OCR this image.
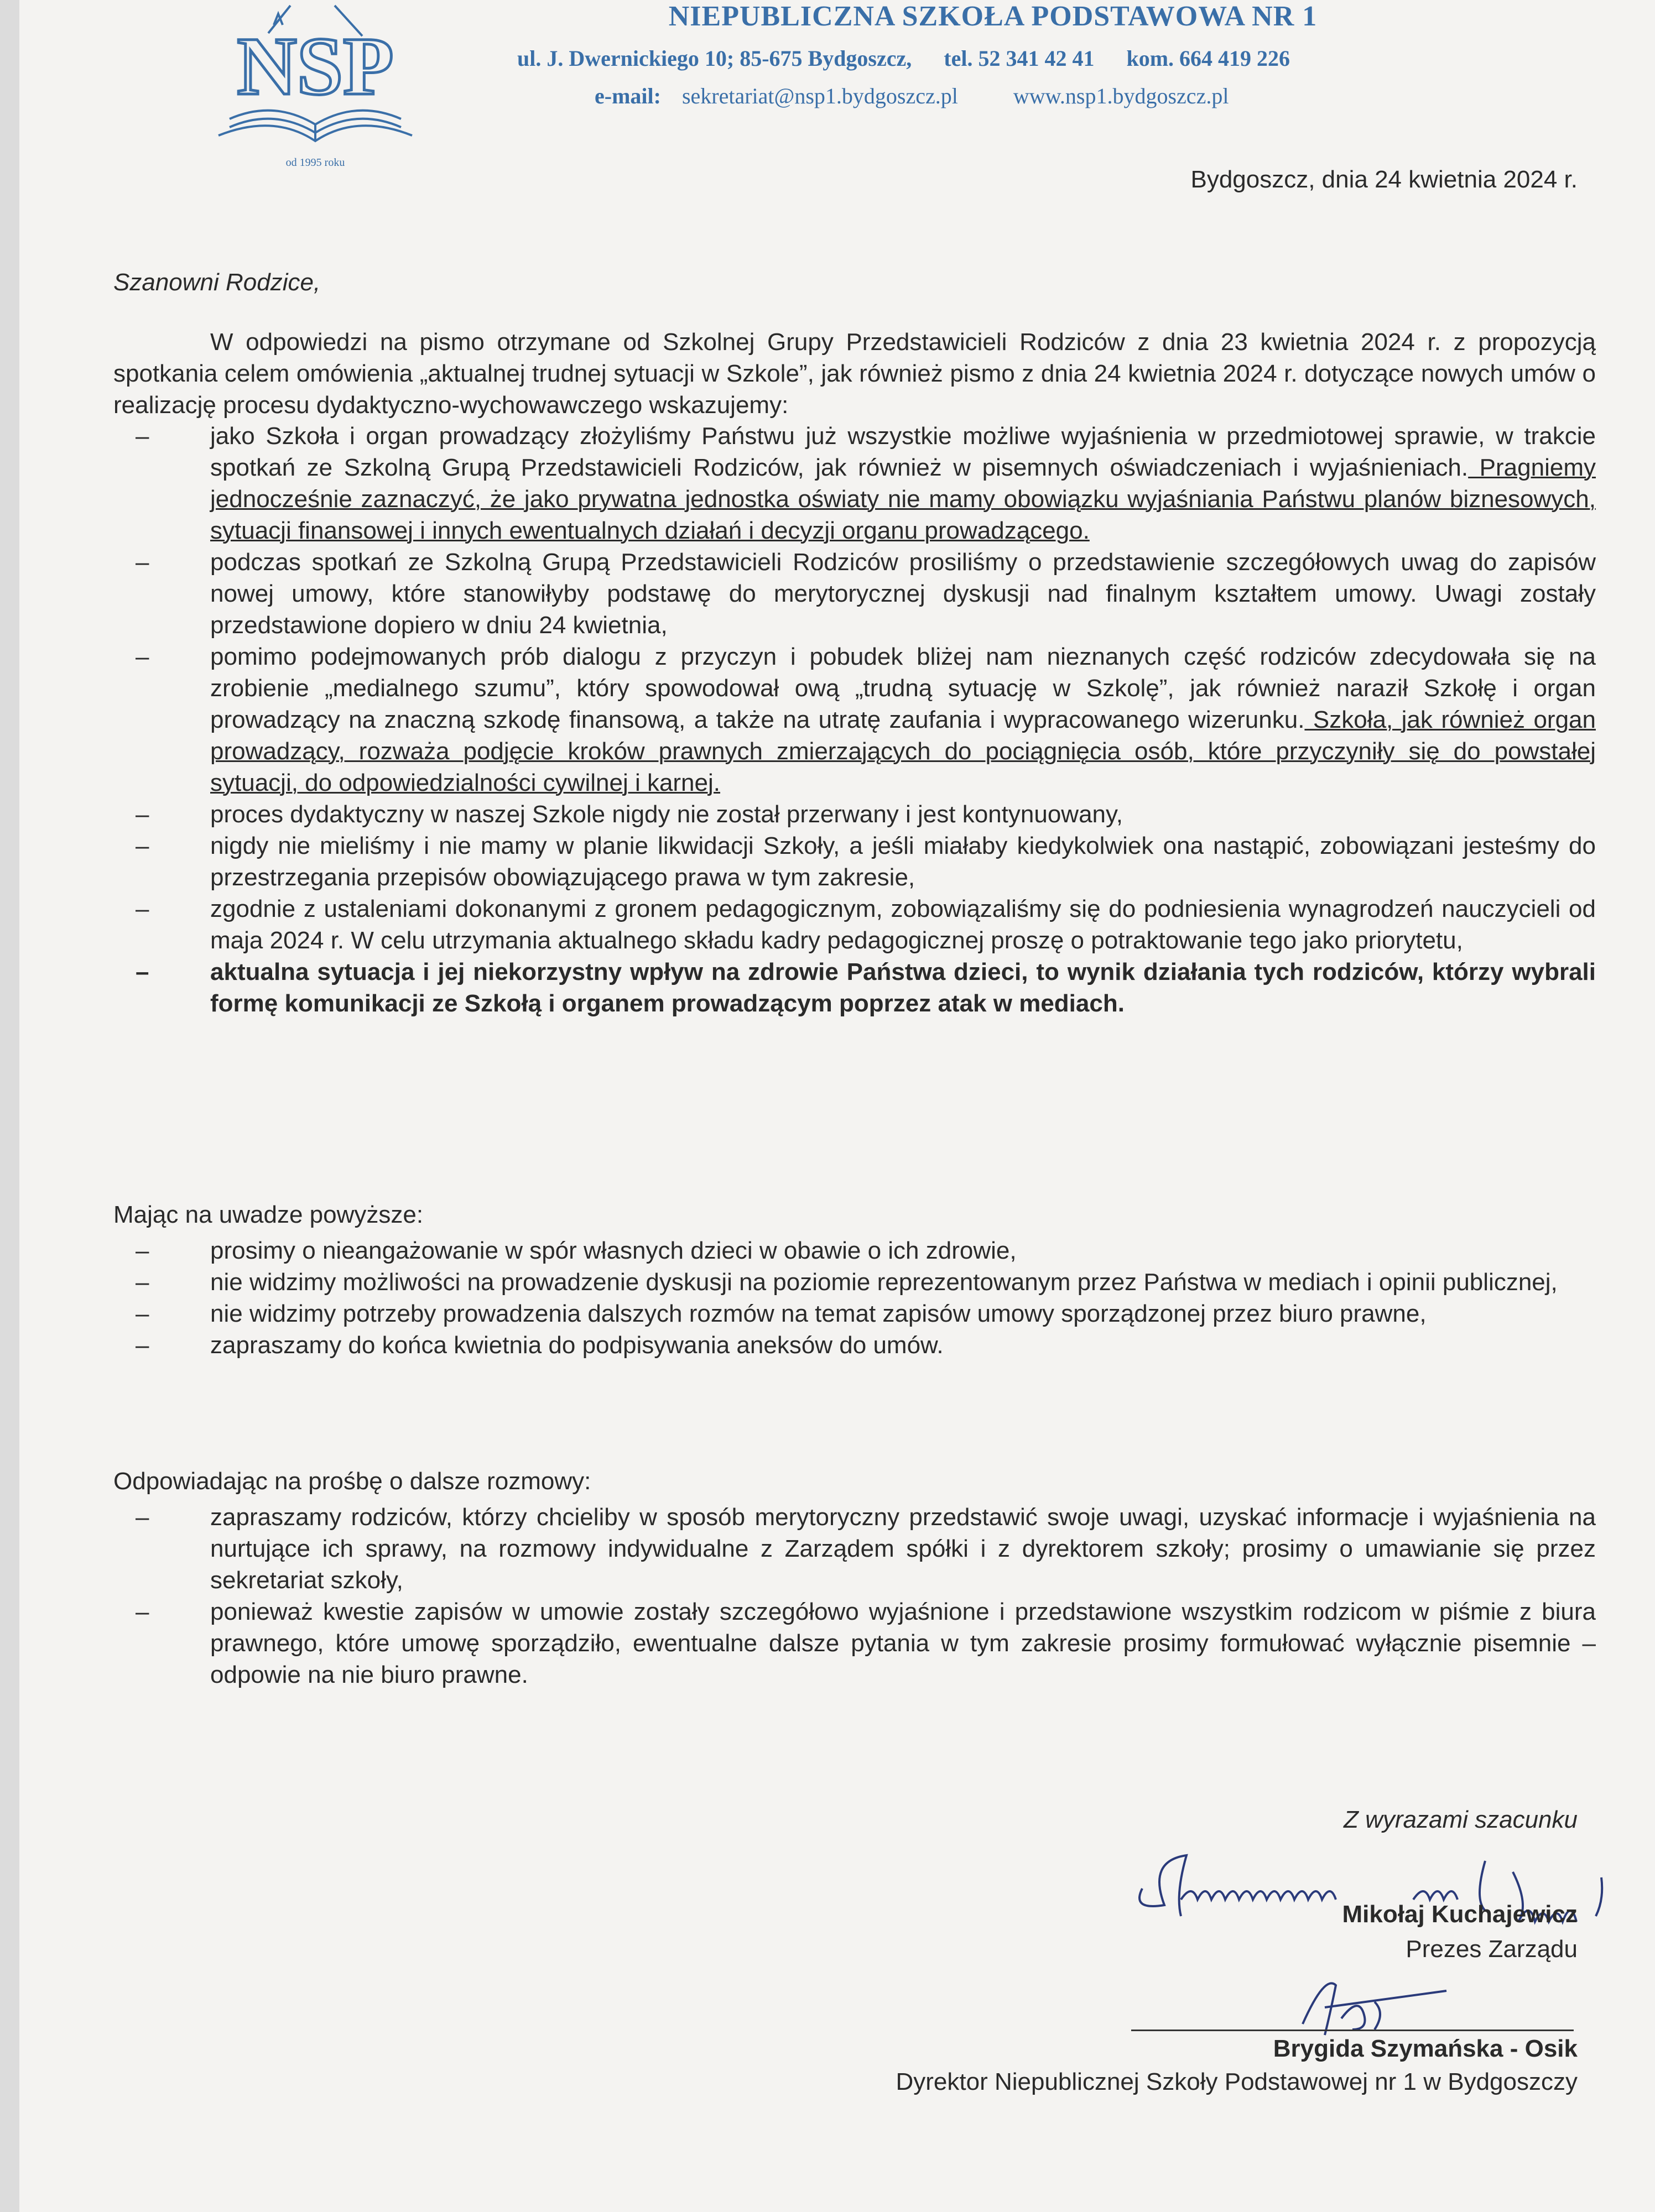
NSP
od 1995 roku
NIEPUBLICZNA SZKOŁA PODSTAWOWA NR 1
ul. J. Dwernickiego 10; 85-675 Bydgoszcz, tel. 52 341 42 41 kom. 664 419 226
e-mail: sekretariat@nsp1.bydgoszcz.pl	www.nsp1.bydgoszcz.pl
Bydgoszcz, dnia 24 kwietnia 2024 r.
Szanowni Rodzice,
W odpowiedzi na pismo otrzymane od Szkolnej Grupy Przedstawicieli Rodziców z dnia 23 kwietnia 2024 r. z propozycją spotkania celem omówienia „aktualnej trudnej sytuacji w Szkole”, jak również pismo z dnia 24 kwietnia 2024 r. dotyczące nowych umów o realizację procesu dydaktyczno-wychowawczego wskazujemy:
– jako Szkoła i organ prowadzący złożyliśmy Państwu już wszystkie możliwe wyjaśnienia w przedmiotowej sprawie, w trakcie spotkań ze Szkolną Grupą Przedstawicieli Rodziców, jak również w pisemnych oświadczeniach i wyjaśnieniach. Pragniemy jednocześnie zaznaczyć, że jako prywatna jednostka oświaty nie mamy obowiązku wyjaśniania Państwu planów biznesowych, sytuacji finansowej i innych ewentualnych działań i decyzji organu prowadzącego.
– podczas spotkań ze Szkolną Grupą Przedstawicieli Rodziców prosiliśmy o przedstawienie szczegółowych uwag do zapisów nowej umowy, które stanowiłyby podstawę do merytorycznej dyskusji nad finalnym kształtem umowy. Uwagi zostały przedstawione dopiero w dniu 24 kwietnia,
– pomimo podejmowanych prób dialogu z przyczyn i pobudek bliżej nam nieznanych część rodziców zdecydowała się na zrobienie „medialnego szumu”, który spowodował ową „trudną sytuację w Szkolę”, jak również naraził Szkołę i organ prowadzący na znaczną szkodę finansową, a także na utratę zaufania i wypracowanego wizerunku. Szkoła, jak również organ prowadzący, rozważa podjęcie kroków prawnych zmierzających do pociągnięcia osób, które przyczyniły się do powstałej sytuacji, do odpowiedzialności cywilnej i karnej.
– proces dydaktyczny w naszej Szkole nigdy nie został przerwany i jest kontynuowany,
– nigdy nie mieliśmy i nie mamy w planie likwidacji Szkoły, a jeśli miałaby kiedykolwiek ona nastąpić, zobowiązani jesteśmy do przestrzegania przepisów obowiązującego prawa w tym zakresie,
– zgodnie z ustaleniami dokonanymi z gronem pedagogicznym, zobowiązaliśmy się do podniesienia wynagrodzeń nauczycieli od maja 2024 r. W celu utrzymania aktualnego składu kadry pedagogicznej proszę o potraktowanie tego jako priorytetu,
– aktualna sytuacja i jej niekorzystny wpływ na zdrowie Państwa dzieci, to wynik działania tych rodziców, którzy wybrali formę komunikacji ze Szkołą i organem prowadzącym poprzez atak w mediach.
Mając na uwadze powyższe:
– prosimy o nieangażowanie w spór własnych dzieci w obawie o ich zdrowie,
– nie widzimy możliwości na prowadzenie dyskusji na poziomie reprezentowanym przez Państwa w mediach i opinii publicznej,
– nie widzimy potrzeby prowadzenia dalszych rozmów na temat zapisów umowy sporządzonej przez biuro prawne,
– zapraszamy do końca kwietnia do podpisywania aneksów do umów.
Odpowiadając na prośbę o dalsze rozmowy:
– zapraszamy rodziców, którzy chcieliby w sposób merytoryczny przedstawić swoje uwagi, uzyskać informacje i wyjaśnienia na nurtujące ich sprawy, na rozmowy indywidualne z Zarządem spółki i z dyrektorem szkoły; prosimy o umawianie się przez sekretariat szkoły,
– ponieważ kwestie zapisów w umowie zostały szczegółowo wyjaśnione i przedstawione wszystkim rodzicom w piśmie z biura prawnego, które umowę sporządziło, ewentualne dalsze pytania w tym zakresie prosimy formułować wyłącznie pisemnie – odpowie na nie biuro prawne.
Z wyrazami szacunku
Mikołaj Kuchajewicz
Prezes Zarządu
Brygida Szymańska - Osik
Dyrektor Niepublicznej Szkoły Podstawowej nr 1 w Bydgoszczy
